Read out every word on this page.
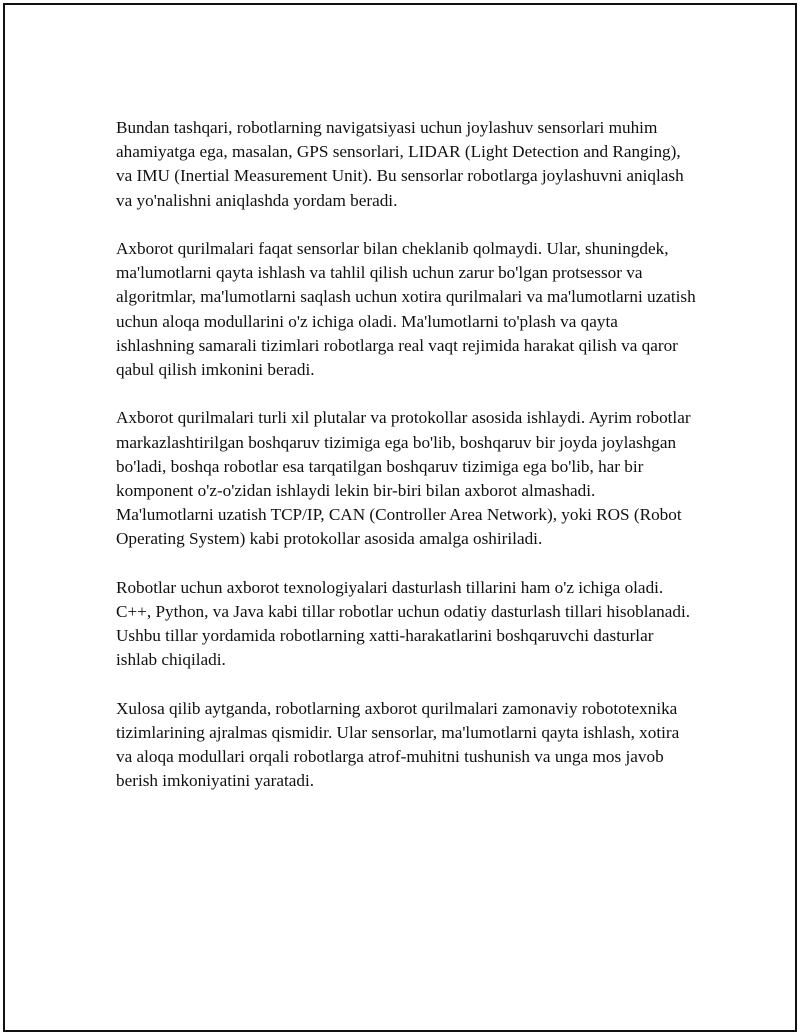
Bundan tashqari, robotlarning navigatsiyasi uchun joylashuv sensorlari muhim ahamiyatga ega, masalan, GPS sensorlari, LIDAR (Light Detection and Ranging), va IMU (Inertial Measurement Unit). Bu sensorlar robotlarga joylashuvni aniqlash va yo'nalishni aniqlashda yordam beradi.

Axborot qurilmalari faqat sensorlar bilan cheklanib qolmaydi. Ular, shuningdek, ma'lumotlarni qayta ishlash va tahlil qilish uchun zarur bo'lgan protsessor va algoritmlar, ma'lumotlarni saqlash uchun xotira qurilmalari va ma'lumotlarni uzatish uchun aloqa modullarini o'z ichiga oladi. Ma'lumotlarni to'plash va qayta ishlashning samarali tizimlari robotlarga real vaqt rejimida harakat qilish va qaror qabul qilish imkonini beradi.

Axborot qurilmalari turli xil plutalar va protokollar asosida ishlaydi. Ayrim robotlar markazlashtirilgan boshqaruv tizimiga ega bo'lib, boshqaruv bir joyda joylashgan bo'ladi, boshqa robotlar esa tarqatilgan boshqaruv tizimiga ega bo'lib, har bir komponent o'z-o'zidan ishlaydi lekin bir-biri bilan axborot almashadi. Ma'lumotlarni uzatish TCP/IP, CAN (Controller Area Network), yoki ROS (Robot Operating System) kabi protokollar asosida amalga oshiriladi.

Robotlar uchun axborot texnologiyalari dasturlash tillarini ham o'z ichiga oladi. C++, Python, va Java kabi tillar robotlar uchun odatiy dasturlash tillari hisoblanadi. Ushbu tillar yordamida robotlarning xatti-harakatlarini boshqaruvchi dasturlar ishlab chiqiladi.

Xulosa qilib aytganda, robotlarning axborot qurilmalari zamonaviy robototexnika tizimlarining ajralmas qismidir. Ular sensorlar, ma'lumotlarni qayta ishlash, xotira va aloqa modullari orqali robotlarga atrof-muhitni tushunish va unga mos javob berish imkoniyatini yaratadi.
